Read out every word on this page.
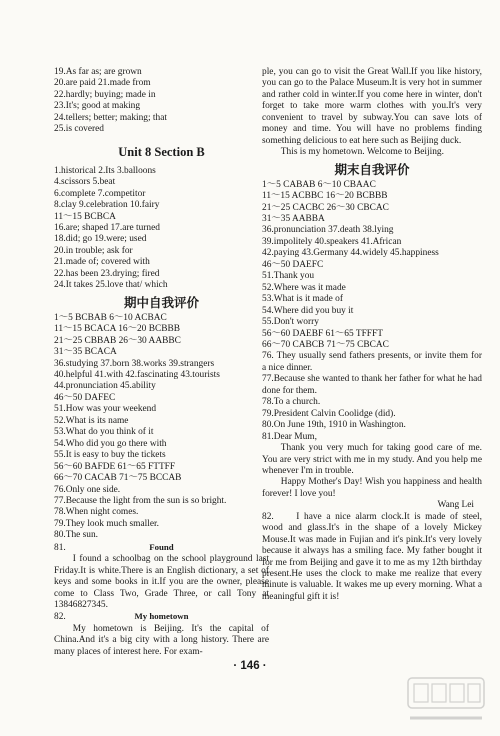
19.As far as; are grown
20.are paid 21.made from
22.hardly; buying; made in
23.It's; good at making
24.tellers; better; making; that
25.is covered
Unit 8 Section B
1.historical 2.Its 3.balloons
4.scissors 5.beat
6.complete 7.competitor
8.clay 9.celebration 10.fairy
11～15 BCBCA
16.are; shaped 17.are turned
18.did; go 19.were; used
20.in trouble; ask for
21.made of; covered with
22.has been 23.drying; fired
24.It takes 25.love that/ which
期中自我评价
1～5 BCBAB 6～10 ACBAC
11～15 BCACA 16～20 BCBBB
21～25 CBBAB 26～30 AABBC
31～35 BCACA
36.studying 37.born 38.works 39.strangers
40.helpful 41.with 42.fascinating 43.tourists
44.pronunciation 45.ability
46～50 DAFEC
51.How was your weekend
52.What is its name
53.What do you think of it
54.Who did you go there with
55.It is easy to buy the tickets
56～60 BAFDE 61～65 FTTFF
66～70 CACAB 71～75 BCCAB
76.Only one side.
77.Because the light from the sun is so bright.
78.When night comes.
79.They look much smaller.
80.The sun.
81.	Found
I found a schoolbag on the school playground last Friday.It is white.There is an English dictionary, a set of keys and some books in it.If you are the owner, please come to Class Two, Grade Three, or call Tony at 13846827345.
82.	My hometown
My hometown is Beijing. It's the capital of China.And it's a big city with a long history. There are many places of interest here. For exam-
ple, you can go to visit the Great Wall.If you like history, you can go to the Palace Museum.It is very hot in summer and rather cold in winter.If you come here in winter, don't forget to take more warm clothes with you.It's very convenient to travel by subway.You can save lots of money and time. You will have no problems finding something delicious to eat here such as Beijing duck.
This is my hometown. Welcome to Beijing.
期末自我评价
1～5 CABAB 6～10 CBAAC
11～15 ACBBC 16～20 BCBBB
21～25 CACBC 26～30 CBCAC
31～35 AABBA
36.pronunciation 37.death 38.lying
39.impolitely 40.speakers 41.African
42.paying 43.Germany 44.widely 45.happiness
46～50 DAEFC
51.Thank you
52.Where was it made
53.What is it made of
54.Where did you buy it
55.Don't worry
56～60 DAEBF 61～65 TFFFT
66～70 CABCB 71～75 CBCAC
76. They usually send fathers presents, or invite them for a nice dinner.
77.Because she wanted to thank her father for what he had done for them.
78.To a church.
79.President Calvin Coolidge (did).
80.On June 19th, 1910 in Washington.
81.Dear Mum,
Thank you very much for taking good care of me. You are very strict with me in my study. And you help me whenever I'm in trouble.
Happy Mother's Day! Wish you happiness and health forever! I love you!
Wang Lei
82. I have a nice alarm clock.It is made of steel, wood and glass.It's in the shape of a lovely Mickey Mouse.It was made in Fujian and it's pink.It's very lovely because it always has a smiling face. My father bought it for me from Beijing and gave it to me as my 12th birthday present.He uses the clock to make me realize that every minute is valuable. It wakes me up every morning. What a meaningful gift it is!
· 146 ·
